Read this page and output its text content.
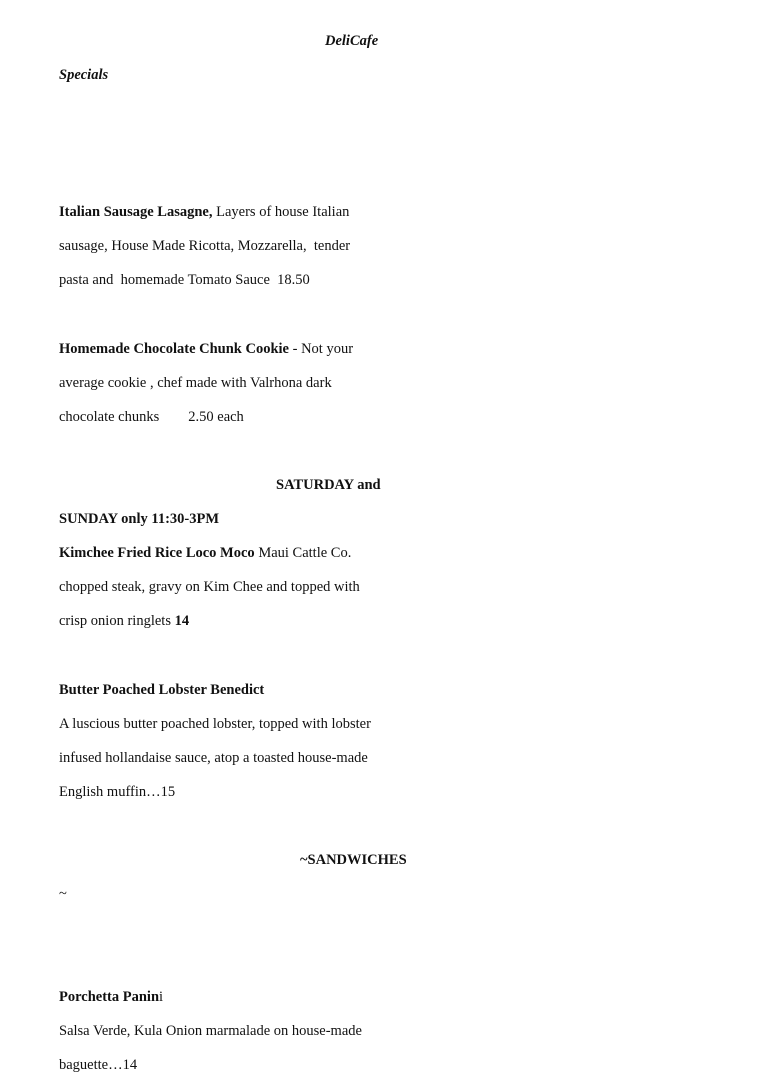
DeliCafe
Specials
Italian Sausage Lasagne, Layers of house Italian
sausage, House Made Ricotta, Mozzarella,  tender
pasta and  homemade Tomato Sauce  18.50
Homemade Chocolate Chunk Cookie - Not your
average cookie , chef made with Valrhona dark
chocolate chunks        2.50 each
SATURDAY and
SUNDAY only 11:30-3PM
Kimchee Fried Rice Loco Moco Maui Cattle Co.
chopped steak, gravy on Kim Chee and topped with
crisp onion ringlets 14
Butter Poached Lobster Benedict
A luscious butter poached lobster, topped with lobster
infused hollandaise sauce, atop a toasted house-made
English muffin…15
~SANDWICHES
~
Porchetta Panini
Salsa Verde, Kula Onion marmalade on house-made
baguette…14
